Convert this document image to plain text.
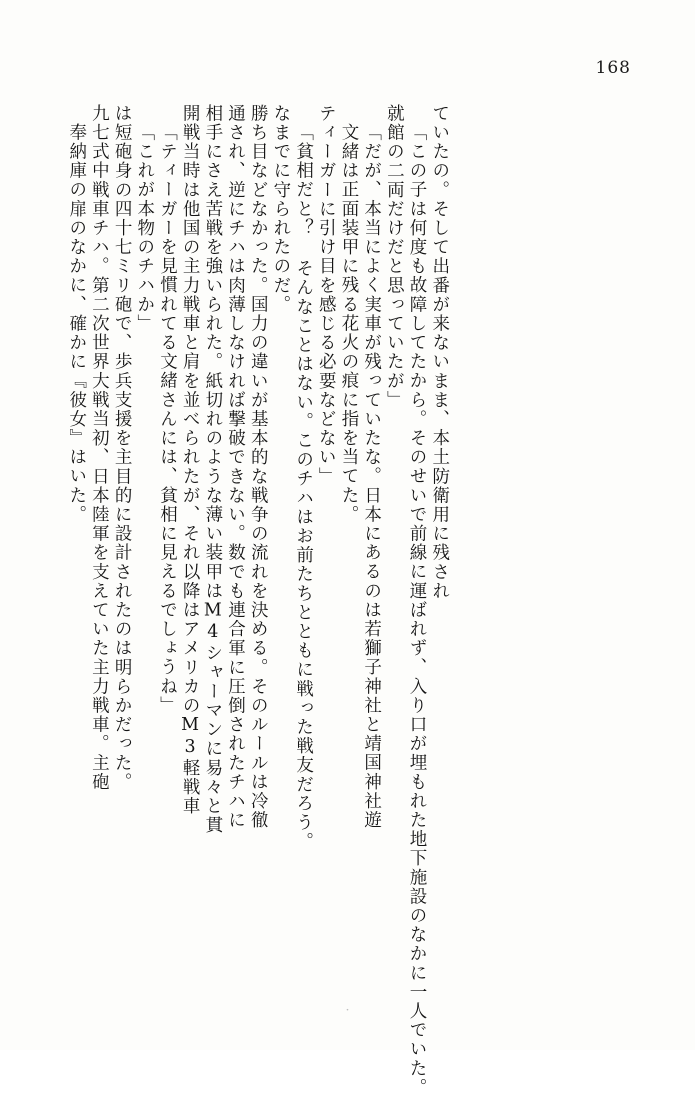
168
奉納庫の扉のなかに、確かに『彼女』はいた。 九七式中戦車チハ。第二次世界大戦当初、日本陸軍を支えていた主力戦車。主砲 は短砲身の四十七ミリ砲で、歩兵支援を主目的に設計されたのは明らかだった。 「これが本物のチハか」 「ティーガーを見慣れてる文緒さんには、貧相に見えるでしょうね」 開戦当時は他国の主力戦車と肩を並べられたが、それ以降はアメリカのM3軽戦車 相手にさえ苦戦を強いられた。紙切れのような薄い装甲はM4シャーマンに易々と貫 通され、逆にチハは肉薄しなければ撃破できない。数でも連合軍に圧倒されたチハに 勝ち目などなかった。国力の違いが基本的な戦争の流れを決める。そのルールは冷徹 なまでに守られたのだ。 「貧相だと？ そんなことはない。このチハはお前たちとともに戦った戦友だろう。 ティーガーに引け目を感じる必要などない」 文緒は正面装甲に残る花火の痕に指を当てた。 「だが、本当によく実車が残っていたな。日本にあるのは若獅子神社と靖国神社遊 就館の二両だけだと思っていたが」 「この子は何度も故障してたから。そのせいで前線に運ばれず、入り口が埋もれた地下施設のなかに一人でいた。 ていたの。そして出番が来ないまま、本土防衛用に残され
・
